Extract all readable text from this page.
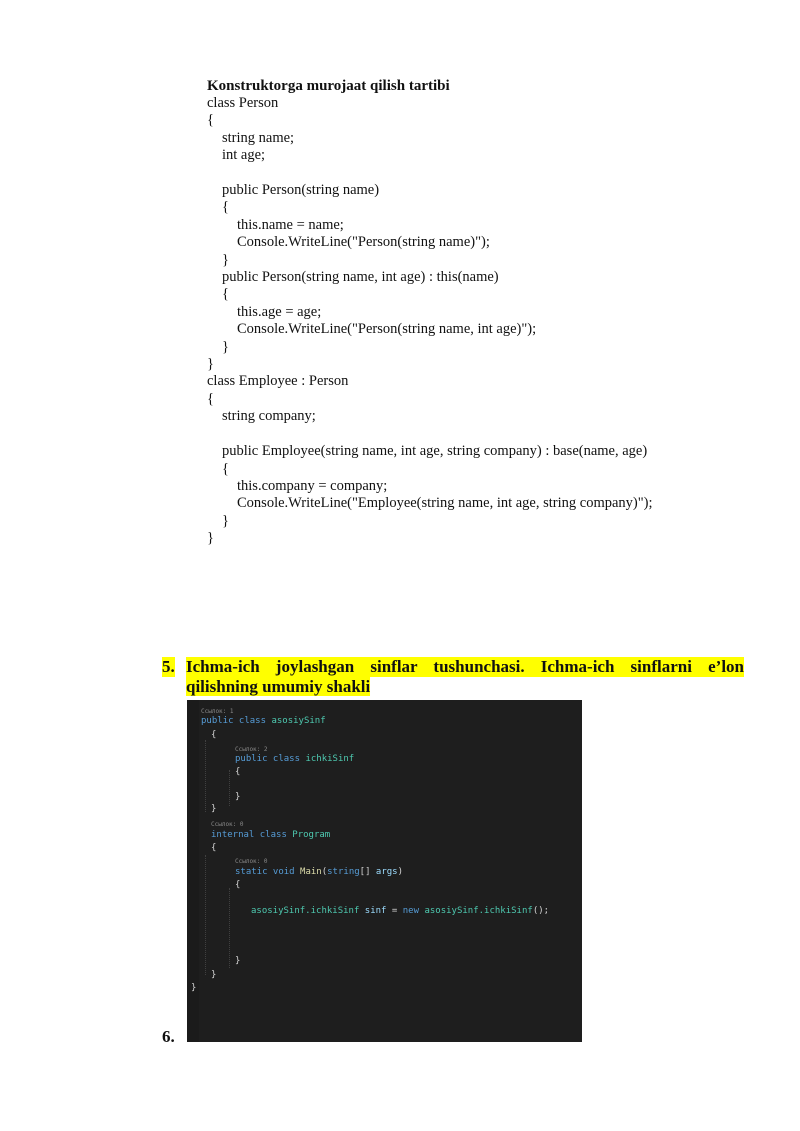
Konstruktorga murojaat qilish tartibi

class Person

{

string name;

int age;

public Person(string name)

{

this.name = name;

Console.WriteLine("Person(string name)");

}

public Person(string name, int age) : this(name)

{

this.age = age;

Console.WriteLine("Person(string name, int age)");

}

}

class Employee : Person

{

string company;

public Employee(string name, int age, string company) : base(name, age)

{

this.company = company;

Console.WriteLine("Employee(string name, int age, string company)");

}

}

5. Ichma-ich joylashgan sinflar tushunchasi. Ichma-ich sinflarni e’lon
qilishning umumiy shakli
6.
Ссылок: 1
public class asosiySinf
{
Ссылок: 2
public class ichkiSinf
{
}
}
Ссылок: 0
internal class Program
{
Ссылок: 0
static void Main(string[] args)
{
asosiySinf.ichkiSinf sinf = new asosiySinf.ichkiSinf();
}
}
}
